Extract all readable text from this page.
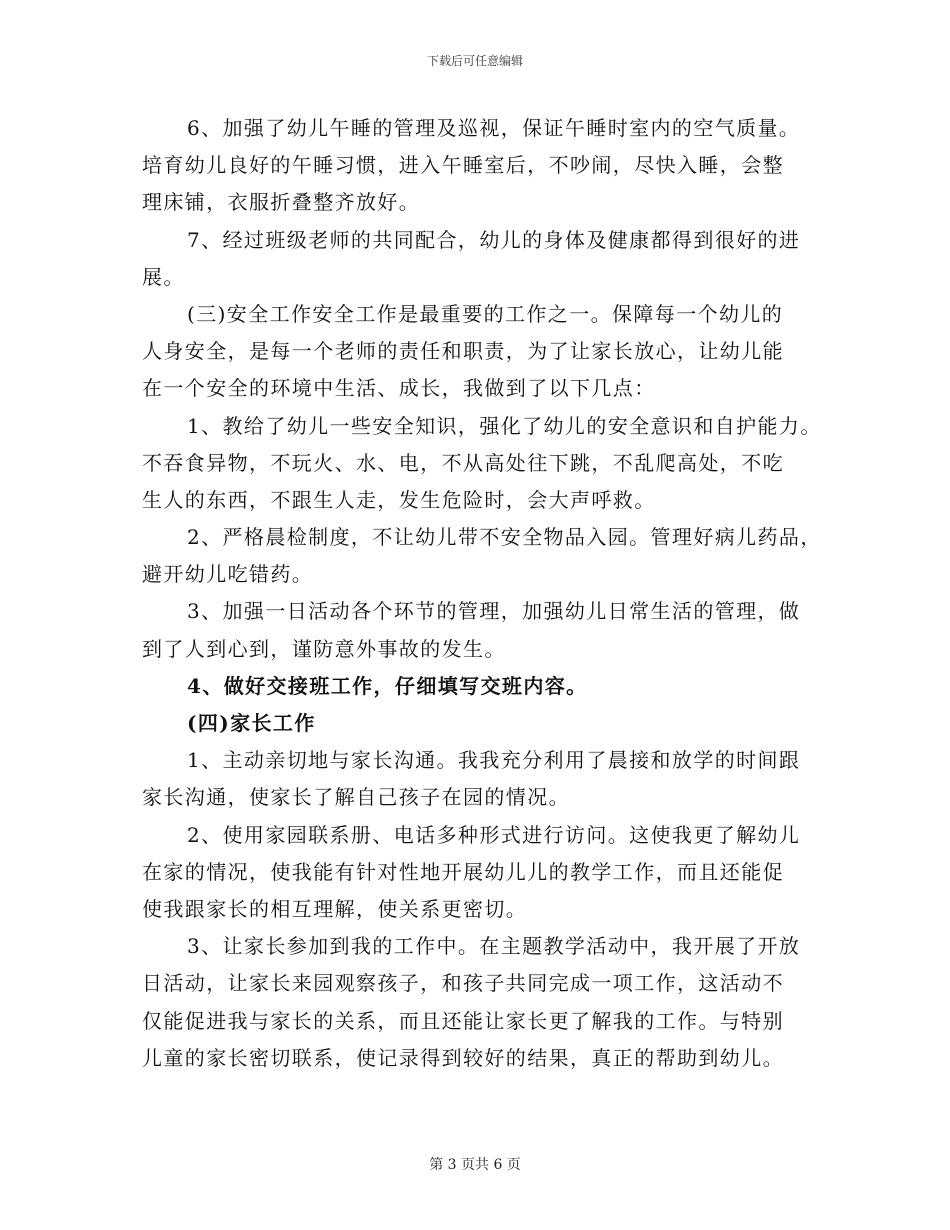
下载后可任意编辑
6、加强了幼儿午睡的管理及巡视，保证午睡时室内的空气质量。
培育幼儿良好的午睡习惯，进入午睡室后，不吵闹，尽快入睡，会整
理床铺，衣服折叠整齐放好。
7、经过班级老师的共同配合，幼儿的身体及健康都得到很好的进
展。
(三)安全工作安全工作是最重要的工作之一。保障每一个幼儿的
人身安全，是每一个老师的责任和职责，为了让家长放心，让幼儿能
在一个安全的环境中生活、成长，我做到了以下几点：
1、教给了幼儿一些安全知识，强化了幼儿的安全意识和自护能力。
不吞食异物，不玩火、水、电，不从高处往下跳，不乱爬高处，不吃
生人的东西，不跟生人走，发生危险时，会大声呼救。
2、严格晨检制度，不让幼儿带不安全物品入园。管理好病儿药品，
避开幼儿吃错药。
3、加强一日活动各个环节的管理，加强幼儿日常生活的管理，做
到了人到心到，谨防意外事故的发生。
4、做好交接班工作，仔细填写交班内容。
(四)家长工作
1、主动亲切地与家长沟通。我我充分利用了晨接和放学的时间跟
家长沟通，使家长了解自己孩子在园的情况。
2、使用家园联系册、电话多种形式进行访问。这使我更了解幼儿
在家的情况，使我能有针对性地开展幼儿儿的教学工作，而且还能促
使我跟家长的相互理解，使关系更密切。
3、让家长参加到我的工作中。在主题教学活动中，我开展了开放
日活动，让家长来园观察孩子，和孩子共同完成一项工作，这活动不
仅能促进我与家长的关系，而且还能让家长更了解我的工作。与特别
儿童的家长密切联系，使记录得到较好的结果，真正的帮助到幼儿。
第 3 页共 6 页
